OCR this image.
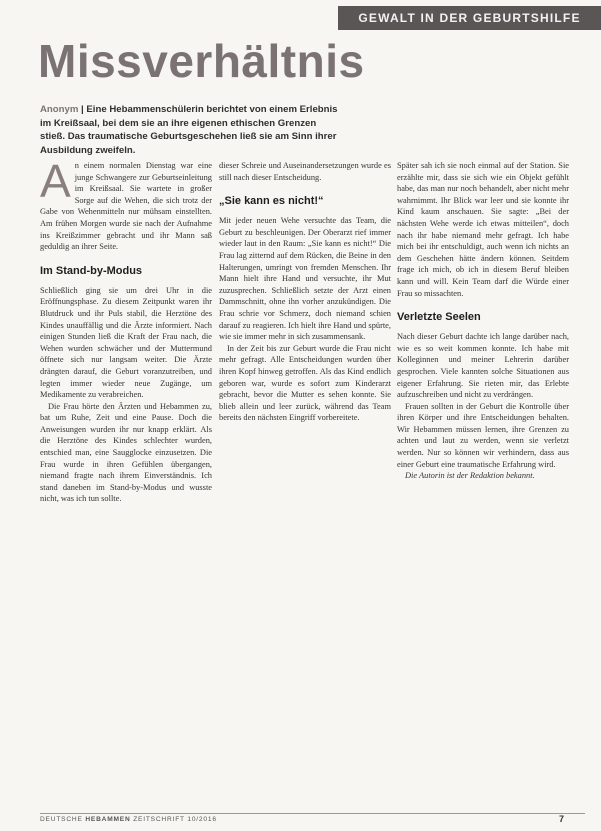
GEWALT IN DER GEBURTSHILFE
Missverhältnis
Anonym | Eine Hebammenschülerin berichtet von einem Erlebnis im Kreißsaal, bei dem sie an ihre eigenen ethischen Grenzen stieß. Das traumatische Geburtsgeschehen ließ sie am Sinn ihrer Ausbildung zweifeln.

An einem normalen Dienstag war eine junge Schwangere zur Geburtseinleitung im Kreißsaal. Sie wartete in großer Sorge auf die Wehen, die sich trotz der Gabe von Wehenmitteln nur mühsam einstellten. Am frühen Morgen wurde sie nach der Aufnahme ins Kreißzimmer gebracht und ihr Mann saß geduldig an ihrer Seite.

Im Stand-by-Modus

Schließlich ging sie um drei Uhr in die Eröffnungsphase. Zu diesem Zeitpunkt waren ihr Blutdruck und ihr Puls stabil, die Herztöne des Kindes unauffällig und die Ärzte informiert. Nach einigen Stunden ließ die Kraft der Frau nach, die Wehen wurden schwächer und der Muttermund öffnete sich nur langsam weiter. Die Ärzte drängten darauf, die Geburt voranzutreiben, und legten immer wieder neue Zugänge, um Medikamente zu verabreichen.

Die Frau hörte den Ärzten und Hebammen zu, bat um Ruhe, Zeit und eine Pause. Doch die Anweisungen wurden ihr nur knapp erklärt. Als die Herztöne des Kindes schlechter wurden, entschied man, eine Saugglocke einzusetzen. Die Frau wurde in ihren Gefühlen übergangen, niemand fragte nach ihrem Einverständnis. Ich stand daneben im Stand-by-Modus und wusste nicht, was ich tun sollte.

dieser Schreie und Auseinandersetzungen wurde es still nach dieser Entscheidung.

„Sie kann es nicht!“

Mit jeder neuen Wehe versuchte das Team, die Geburt zu beschleunigen. Der Oberarzt rief immer wieder laut in den Raum: „Sie kann es nicht!“ Die Frau lag zitternd auf dem Rücken, die Beine in den Halterungen, umringt von fremden Menschen. Ihr Mann hielt ihre Hand und versuchte, ihr Mut zuzusprechen. Schließlich setzte der Arzt einen Dammschnitt, ohne ihn vorher anzukündigen. Die Frau schrie vor Schmerz, doch niemand schien darauf zu reagieren. Ich hielt ihre Hand und spürte, wie sie immer mehr in sich zusammensank.

In der Zeit bis zur Geburt wurde die Frau nicht mehr gefragt. Alle Entscheidungen wurden über ihren Kopf hinweg getroffen. Als das Kind endlich geboren war, wurde es sofort zum Kinderarzt gebracht, bevor die Mutter es sehen konnte. Sie blieb allein und leer zurück, während das Team bereits den nächsten Eingriff vorbereitete.

Später sah ich sie noch einmal auf der Station. Sie erzählte mir, dass sie sich wie ein Objekt gefühlt habe, das man nur noch behandelt, aber nicht mehr wahrnimmt. Ihr Blick war leer und sie konnte ihr Kind kaum anschauen. Sie sagte: „Bei der nächsten Wehe werde ich etwas mitteilen“, doch nach ihr habe niemand mehr gefragt. Ich habe mich bei ihr entschuldigt, auch wenn ich nichts an dem Geschehen hätte ändern können. Seitdem frage ich mich, ob ich in diesem Beruf bleiben kann und will. Kein Team darf die Würde einer Frau so missachten.

Verletzte Seelen

Nach dieser Geburt dachte ich lange darüber nach, wie es so weit kommen konnte. Ich habe mit Kolleginnen und meiner Lehrerin darüber gesprochen. Viele kannten solche Situationen aus eigener Erfahrung. Sie rieten mir, das Erlebte aufzuschreiben und nicht zu verdrängen.

Frauen sollten in der Geburt die Kontrolle über ihren Körper und ihre Entscheidungen behalten. Wir Hebammen müssen lernen, ihre Grenzen zu achten und laut zu werden, wenn sie verletzt werden. Nur so können wir verhindern, dass aus einer Geburt eine traumatische Erfahrung wird.

Die Autorin ist der Redaktion bekannt.

DEUTSCHE HEBAMMEN ZEITSCHRIFT 10/2016	7
